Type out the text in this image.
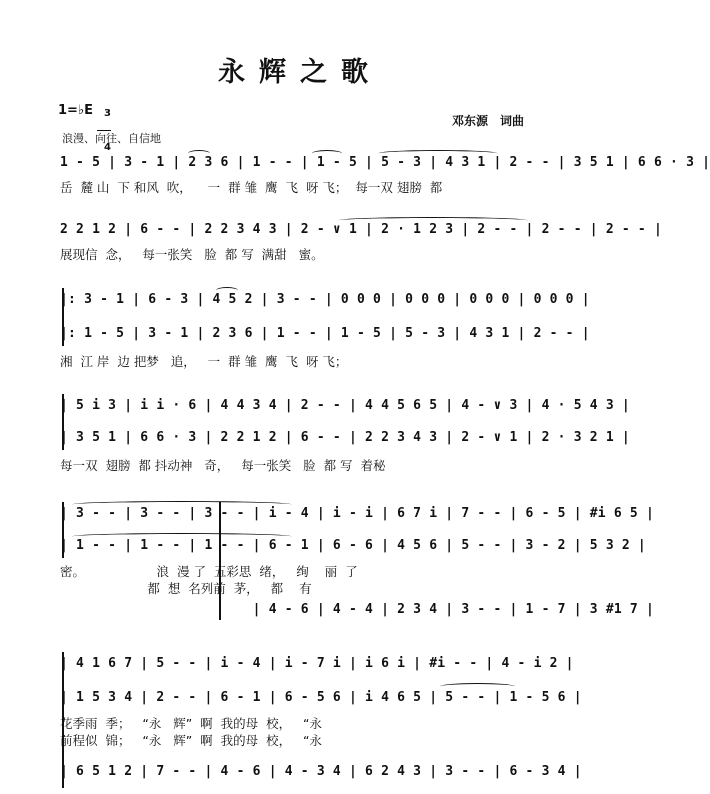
永辉之歌
1=♭E	3

4

浪漫、向往、自信地
邓东源　词曲
1 - 5 | 3 - 1 | 2 3 6 | 1 - - | 1 - 5 | 5 - 3 | 4 3 1 | 2 - - | 3 5 1 | 6 6 · 3 |
岳  麓 山  下 和风  吹，    一  群 雏  鹰  飞  呀 飞；  每一双 翅膀  都
2 2 1 2 | 6 - - | 2 2 3 4 3 | 2 - ∨ 1 | 2 · 1 2 3 | 2 - - | 2 - - | 2 - - |
展现信  念，   每一张笑   脸  都 写  满甜   蜜。
|: 3 - 1 | 6 - 3 | 4 5 2 | 3 - - | 0 0 0 | 0 0 0 | 0 0 0 | 0 0 0 |
|: 1 - 5 | 3 - 1 | 2 3 6 | 1 - - | 1 - 5 | 5 - 3 | 4 3 1 | 2 - - |
湘  江 岸  边 把梦   追，   一  群 雏  鹰  飞  呀 飞；
| 5 i 3 | i i · 6 | 4 4 3 4 | 2 - - | 4 4 5 6 5 | 4 - ∨ 3 | 4 · 5 4 3 |
| 3 5 1 | 6 6 · 3 | 2 2 1 2 | 6 - - | 2 2 3 4 3 | 2 - ∨ 1 | 2 · 3 2 1 |
每一双  翅膀  都 抖动神   奇，   每一张笑   脸  都 写  着秘
| 3 - - | 3 - - | 3 - - | i - 4 | i - i | 6 7 i | 7 - - | 6 - 5 | #i 6 5 |
| 1 - - | 1 - - | 1 - - | 6 - 1 | 6 - 6 | 4 5 6 | 5 - - | 3 - 2 | 5 3 2 |
密。                  浪  漫 了  五彩思  绪，   绚    丽  了
都  想  名列前  茅，   都    有
| 4 - 6 | 4 - 4 | 2 3 4 | 3 - - | 1 - 7 | 3 #1 7 |
| 4 1 6 7 | 5 - - | i - 4 | i - 7 i | i 6 i | #i - - | 4 - i 2 |
| 1 5 3 4 | 2 - - | 6 - 1 | 6 - 5 6 | i 4 6 5 | 5 - - | 1 - 5 6 |
花季雨  季；   “永   辉”  啊  我的母  校，   “永
前程似  锦；   “永   辉”  啊  我的母  校，   “永
| 6 5 1 2 | 7 - - | 4 - 6 | 4 - 3 4 | 6 2 4 3 | 3 - - | 6 - 3 4 |
